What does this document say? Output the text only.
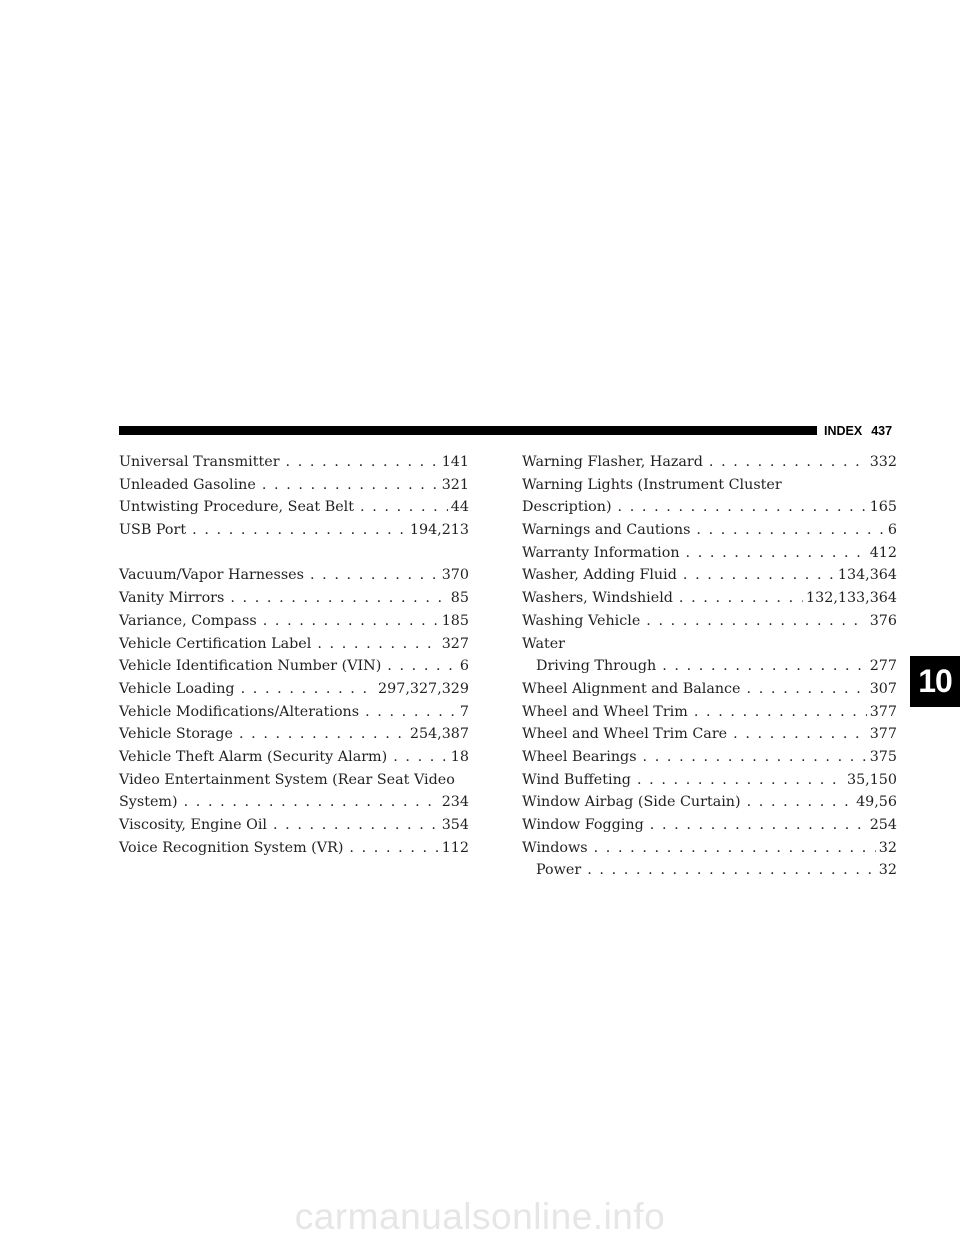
INDEX 437
Universal Transmitter . . .	141
Unleaded Gasoline . . .	321
Untwisting Procedure, Seat Belt . . .	44
USB Port . . .	194,213
Vacuum/Vapor Harnesses . . .	370
Vanity Mirrors . . .	85
Variance, Compass . . .	185
Vehicle Certification Label . . .	327
Vehicle Identification Number (VIN) . . .	6
Vehicle Loading . . .	297,327,329
Vehicle Modifications/Alterations . . .	7
Vehicle Storage . . .	254,387
Vehicle Theft Alarm (Security Alarm) . . .	18
Video Entertainment System (Rear Seat Video
System) . . .	234
Viscosity, Engine Oil . . .	354
Voice Recognition System (VR) . . .	112
Warning Flasher, Hazard . . .	332
Warning Lights (Instrument Cluster
Description) . . .	165
Warnings and Cautions . . .	6
Warranty Information . . .	412
Washer, Adding Fluid . . .	134,364
Washers, Windshield . . .	132,133,364
Washing Vehicle . . .	376
Water
Driving Through . . .	277
Wheel Alignment and Balance . . .	307
Wheel and Wheel Trim . . .	377
Wheel and Wheel Trim Care . . .	377
Wheel Bearings . . .	375
Wind Buffeting . . .	35,150
Window Airbag (Side Curtain) . . .	49,56
Window Fogging . . .	254
Windows . . .	32
Power . . .	32
10
carmanualsonline.info
